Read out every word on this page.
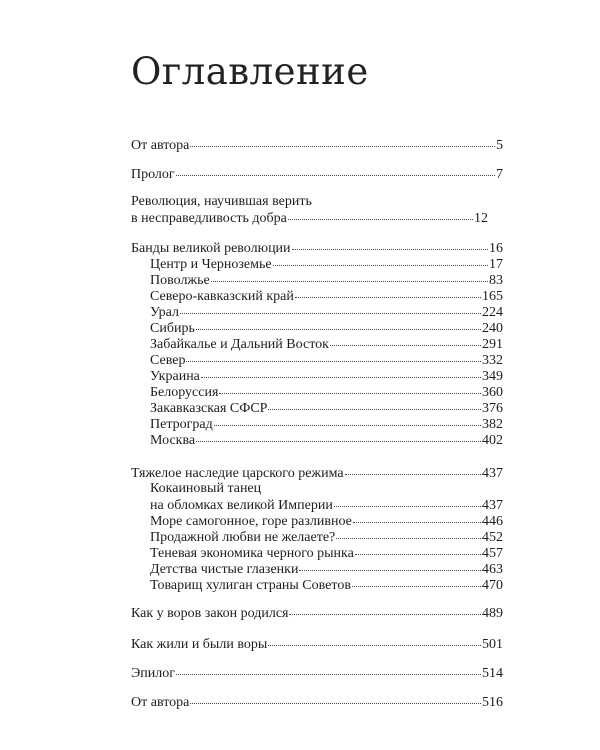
Оглавление
От автора	5
Пролог	7
Революция, научившая верить
в несправедливость добра	12
Банды великой революции	16
Центр и Черноземье	17
Поволжье	83
Северо-кавказский край	165
Урал	224
Сибирь	240
Забайкалье и Дальний Восток	291
Север	332
Украина	349
Белоруссия	360
Закавказская СФСР	376
Петроград	382
Москва	402
Тяжелое наследие царского режима	437
Кокаиновый танец
на обломках великой Империи	437
Море самогонное, горе разливное	446
Продажной любви не желаете?	452
Теневая экономика черного рынка	457
Детства чистые глазенки	463
Товарищ хулиган страны Советов	470
Как у воров закон родился	489
Как жили и были воры	501
Эпилог	514
От автора	516
